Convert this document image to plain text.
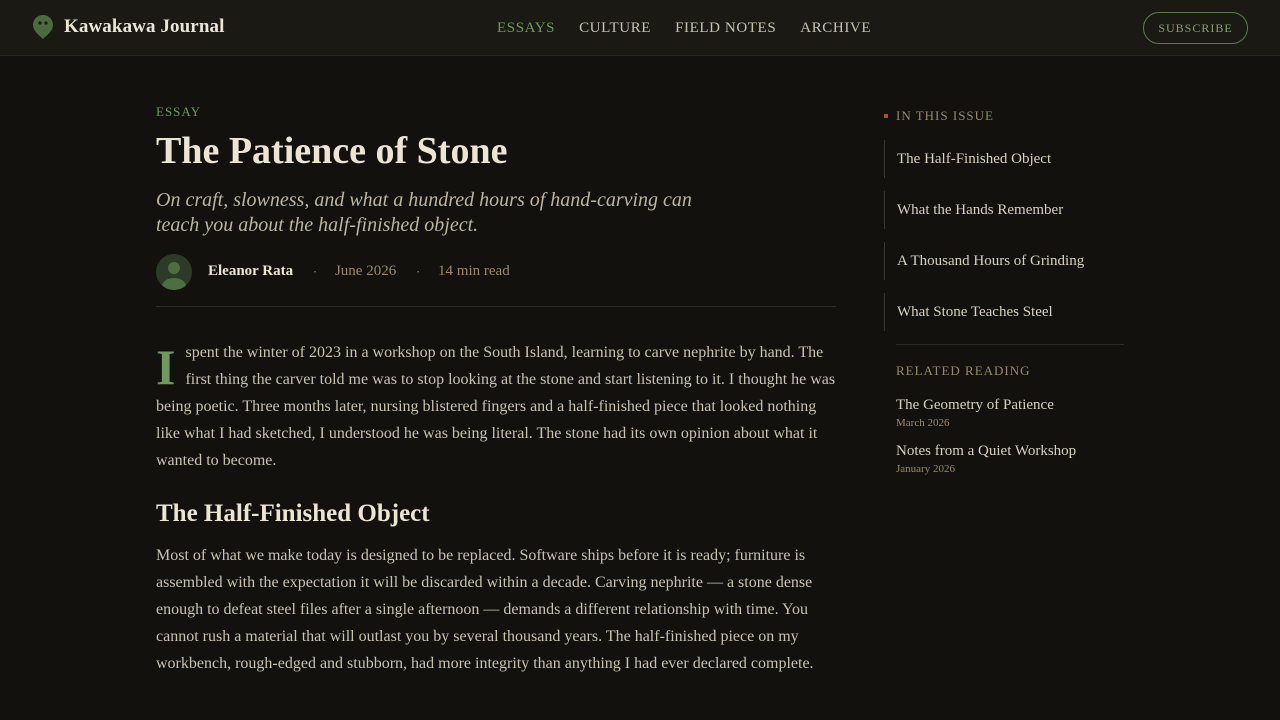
Kawakawa Journal	ESSAYS CULTURE FIELD NOTES ARCHIVE	SUBSCRIBE
ESSAY
The Patience of Stone

On craft, slowness, and what a hundred hours of hand-carving can teach you about the half-finished object.

Eleanor Rata · June 2026 · 14 min read

Ispent the winter of 2023 in a workshop on the South Island, learning to carve nephrite by hand. The first thing the carver told me was to stop looking at the stone and start listening to it. I thought he was being poetic. Three months later, nursing blistered fingers and a half-finished piece that looked nothing like what I had sketched, I understood he was being literal. The stone had its own opinion about what it wanted to become.

The Half-Finished Object

Most of what we make today is designed to be replaced. Software ships before it is ready; furniture is assembled with the expectation it will be discarded within a decade. Carving nephrite — a stone dense enough to defeat steel files after a single afternoon — demands a different relationship with time. You cannot rush a material that will outlast you by several thousand years. The half-finished piece on my workbench, rough-edged and stubborn, had more integrity than anything I had ever declared complete.

IN THIS ISSUE
The Half-Finished Object
What the Hands Remember
A Thousand Hours of Grinding
What Stone Teaches Steel
RELATED READING
The Geometry of Patience
March 2026
Notes from a Quiet Workshop
January 2026
